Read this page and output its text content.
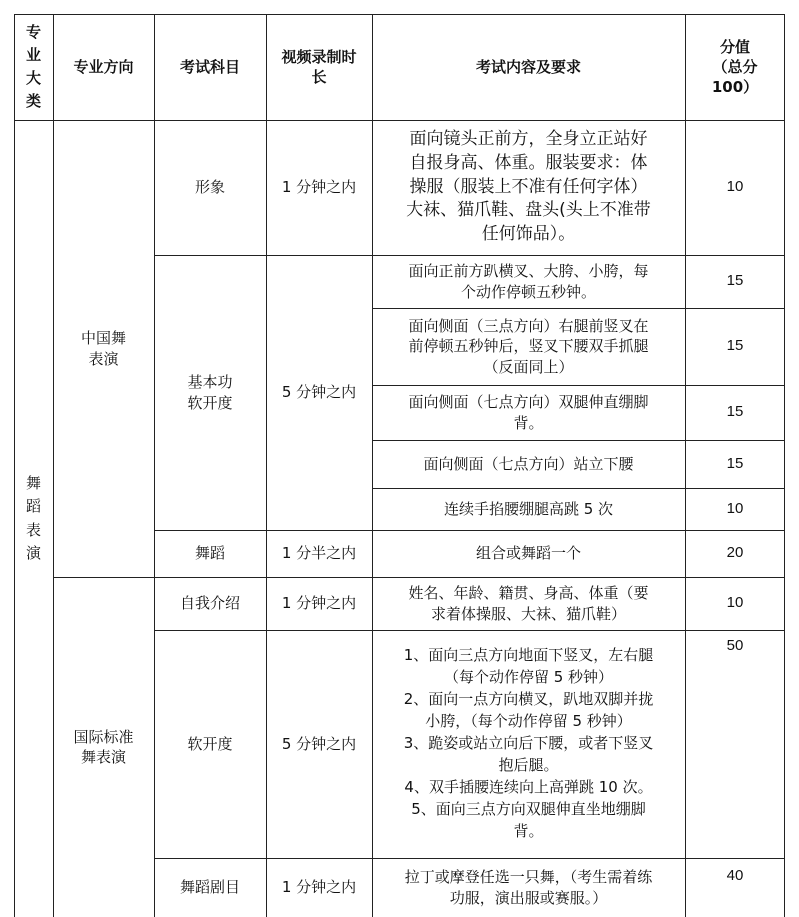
专
业
大
类
专业方向	考试科目
视频录制时
长
考试内容及要求
分值
（总分
100）
舞
蹈
表
演
中国舞
表演
国际标准
舞表演
形象
基本功
软开度
舞蹈
自我介绍
软开度
舞蹈剧目
1 分钟之内
5 分钟之内
1 分半之内
1 分钟之内
5 分钟之内
1 分钟之内
面向镜头正前方，全身立正站好
自报身高、体重。服装要求：体
操服（服装上不准有任何字体）
大袜、猫爪鞋、盘头(头上不准带
任何饰品）。
面向正前方趴横叉、大胯、小胯，每
个动作停顿五秒钟。
面向侧面（三点方向）右腿前竖叉在
前停顿五秒钟后，竖叉下腰双手抓腿
（反面同上）
面向侧面（七点方向）双腿伸直绷脚
背。
面向侧面（七点方向）站立下腰
连续手掐腰绷腿高跳 5 次
组合或舞蹈一个
姓名、年龄、籍贯、身高、体重（要
求着体操服、大袜、猫爪鞋）
1、面向三点方向地面下竖叉，左右腿
（每个动作停留 5 秒钟）
2、面向一点方向横叉，趴地双脚并拢
小胯，（每个动作停留 5 秒钟）
3、跪姿或站立向后下腰，或者下竖叉
抱后腿。
4、双手插腰连续向上高弹跳 10 次。
5、面向三点方向双腿伸直坐地绷脚
背。
拉丁或摩登任选一只舞，（考生需着练
功服，演出服或赛服。）
10
15
15
15
15
10
20
10
50
40
